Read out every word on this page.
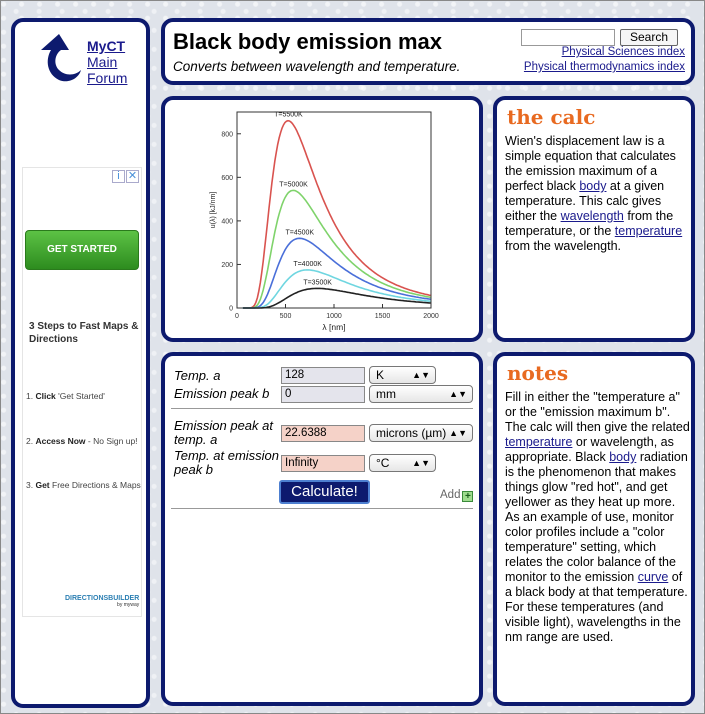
MyCT
Main
Forum
i ✕
GET STARTED
3 Steps to Fast Maps & Directions
1. Click 'Get Started'
2. Access Now - No Sign up!
3. Get Free Directions & Maps
DIRECTIONSBUILDER
by myway
Black body emission max
Converts between wavelength and temperature.
Search
Physical Sciences index
Physical thermodynamics index
0	500	1000	1500	2000
0
200
400
600
800
λ [nm]
u(λ) [kJ/nm]
T=5500K
T=5000K
T=4500K
T=4000K
T=3500K
the calc
Wien's displacement law is a simple equation that calculates the emission maximum of a perfect black body at a given temperature. This calc gives either the wavelength from the temperature, or the temperature from the wavelength.
Temp. a	128	K	▲▼
Emission peak b	0	mm	▲▼
Emission peak at temp. a	22.6388	microns (µm) ▲▼
Temp. at emission peak b	Infinity	°C	▲▼
Calculate!	Add +
notes
Fill in either the "temperature a" or the "emission maximum b". The calc will then give the related temperature or wavelength, as appropriate. Black body radiation is the phenomenon that makes things glow "red hot", and get yellower as they heat up more. As an example of use, monitor color profiles include a "color temperature" setting, which relates the color balance of the monitor to the emission curve of a black body at that temperature. For these temperatures (and visible light), wavelengths in the nm range are used.
